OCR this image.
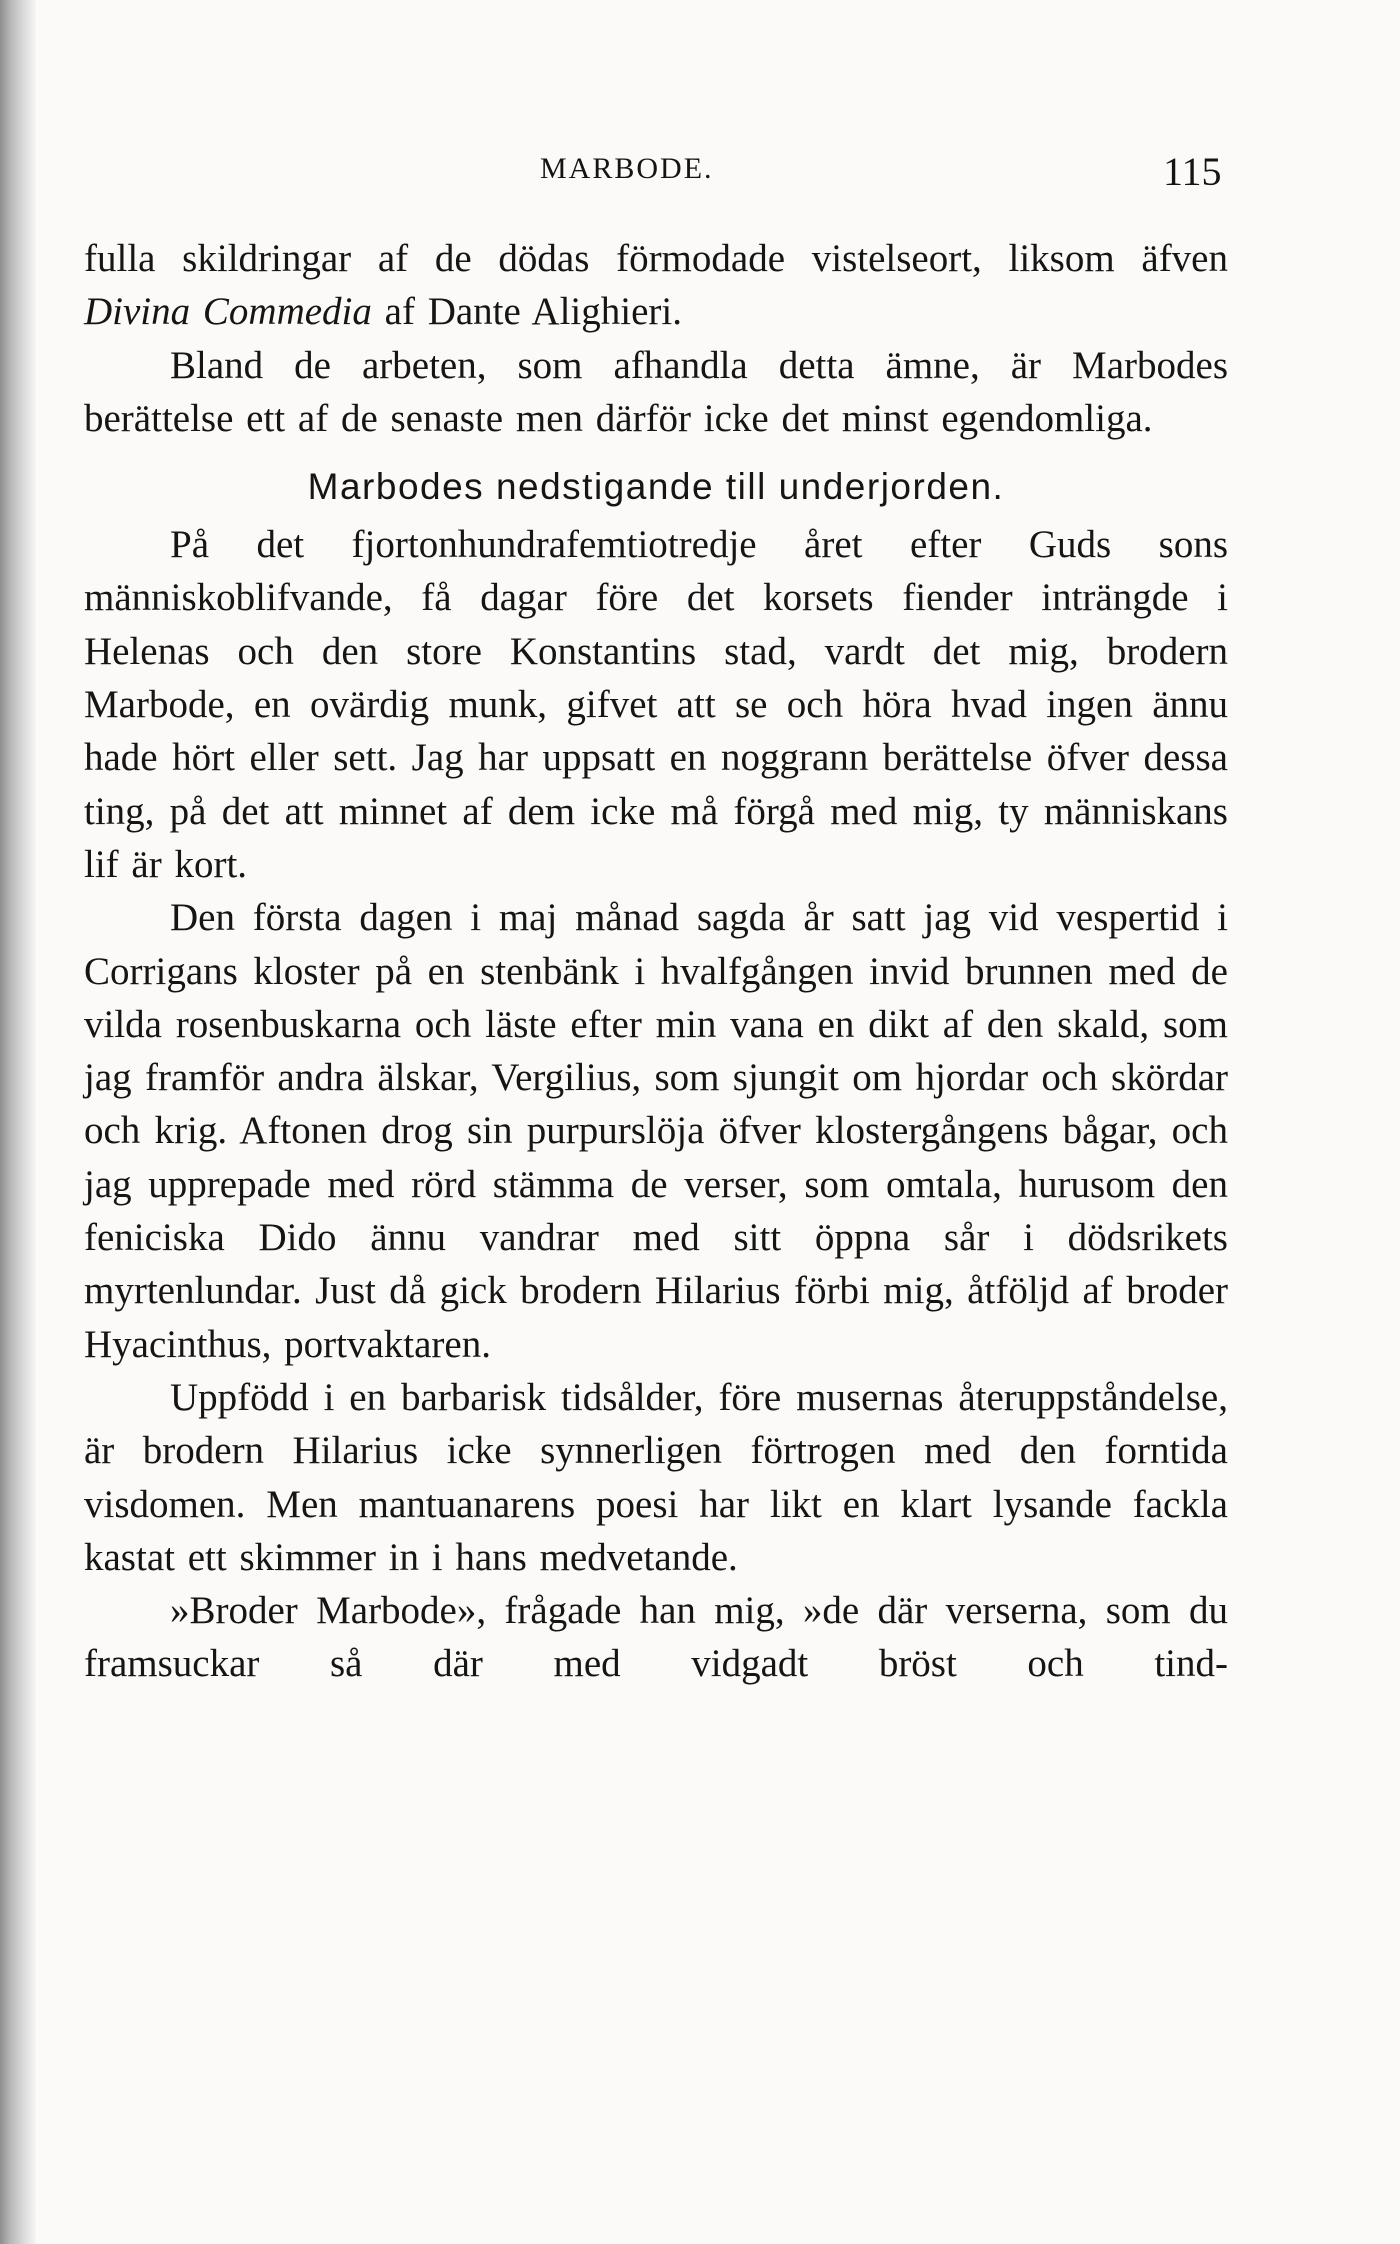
MARBODE.	115

fulla skildringar af de dödas förmodade vistelseort, liksom äfven Divina Commedia af Dante Alighieri.

Bland de arbeten, som afhandla detta ämne, är Marbodes berättelse ett af de senaste men därför icke det minst egendomliga.

Marbodes nedstigande till underjorden.

På det fjortonhundrafemtiotredje året efter Guds sons människoblifvande, få dagar före det korsets fiender inträngde i Helenas och den store Konstantins stad, vardt det mig, brodern Marbode, en ovärdig munk, gifvet att se och höra hvad ingen ännu hade hört eller sett. Jag har uppsatt en noggrann berättelse öfver dessa ting, på det att minnet af dem icke må förgå med mig, ty människans lif är kort.

Den första dagen i maj månad sagda år satt jag vid vespertid i Corrigans kloster på en stenbänk i hvalfgången invid brunnen med de vilda rosenbuskarna och läste efter min vana en dikt af den skald, som jag framför andra älskar, Vergilius, som sjungit om hjordar och skördar och krig. Aftonen drog sin purpurslöja öfver klostergångens bågar, och jag upprepade med rörd stämma de verser, som omtala, hurusom den feniciska Dido ännu vandrar med sitt öppna sår i dödsrikets myrtenlundar. Just då gick brodern Hilarius förbi mig, åtföljd af broder Hyacinthus, portvaktaren.

Uppfödd i en barbarisk tidsålder, före musernas återuppståndelse, är brodern Hilarius icke synnerligen förtrogen med den forntida visdomen. Men mantuanarens poesi har likt en klart lysande fackla kastat ett skimmer in i hans medvetande.

»Broder Marbode», frågade han mig, »de där verserna, som du framsuckar så där med vidgadt bröst och tind-
